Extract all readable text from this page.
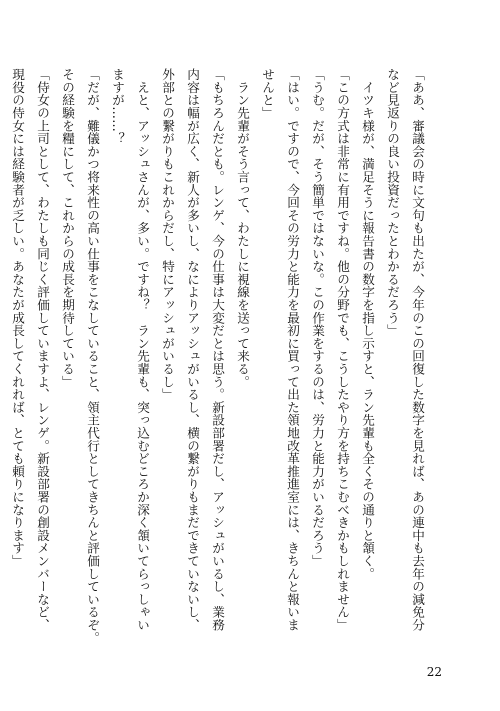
「ああ、審議会の時に文句も出たが、今年のこの回復した数字を見れば、あの連中も去年の減免分
など見返りの良い投資だったとわかるだろう」
　イツキ様が、満足そうに報告書の数字を指し示すと、ラン先輩も全くその通りと頷く。
「この方式は非常に有用ですね。他の分野でも、こうしたやり方を持ちこむべきかもしれません」
「うむ。だが、そう簡単ではないな。この作業をするのは、労力と能力がいるだろう」
「はい。ですので、今回その労力と能力を最初に買って出た領地改革推進室には、きちんと報いま
せんと」
　ラン先輩がそう言って、わたしに視線を送って来る。
「もちろんだとも。レンゲ、今の仕事は大変だとは思う。新設部署だし、アッシュがいるし、業務
内容は幅が広く、新人が多いし、なによりアッシュがいるし、横の繋がりもまだできていないし、
外部との繋がりもこれからだし、特にアッシュがいるし」
　えと、アッシュさんが、多い。ですね？　ラン先輩も、突っ込むどころか深く頷いてらっしゃい
ますが……？
「だが、難儀かつ将来性の高い仕事をこなしていること、領主代行としてきちんと評価しているぞ。
その経験を糧にして、これからの成長を期待している」
「侍女の上司として、わたしも同じく評価していますよ、レンゲ。新設部署の創設メンバーなど、
現役の侍女には経験者が乏しい。あなたが成長してくれれば、とても頼りになります」
22
